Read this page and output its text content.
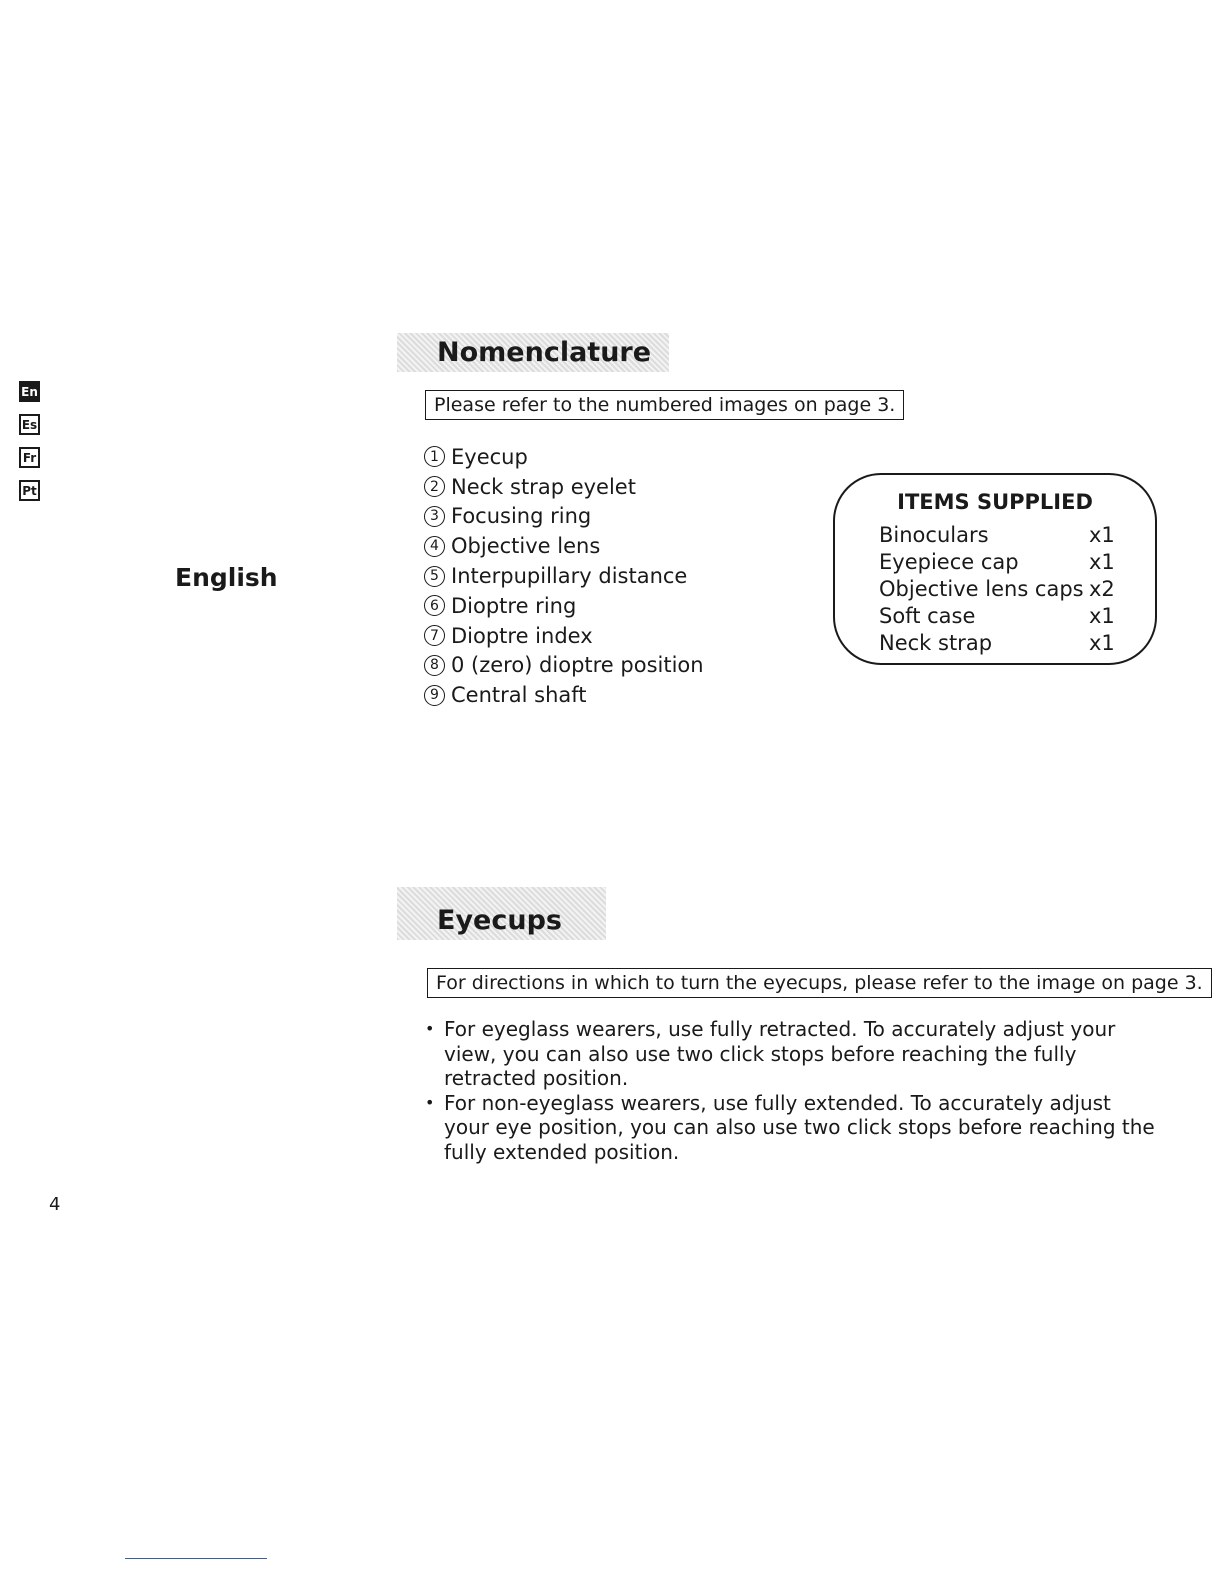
En
Es
Fr
Pt
English
Nomenclature
Please refer to the numbered images on page 3.
1 Eyecup
2 Neck strap eyelet
3 Focusing ring
4 Objective lens
5 Interpupillary distance
6 Dioptre ring
7 Dioptre index
8 0 (zero) dioptre position
9 Central shaft
ITEMS SUPPLIED
Binoculars	x1
Eyepiece cap	x1
Objective lens caps x2
Soft case	x1
Neck strap	x1
Eyecups
For directions in which to turn the eyecups, please refer to the image on page 3.
• For eyeglass wearers, use fully retracted. To accurately adjust your view, you can also use two click stops before reaching the fully retracted position.
• For non-eyeglass wearers, use fully extended. To accurately adjust your eye position, you can also use two click stops before reaching the fully extended position.
4
